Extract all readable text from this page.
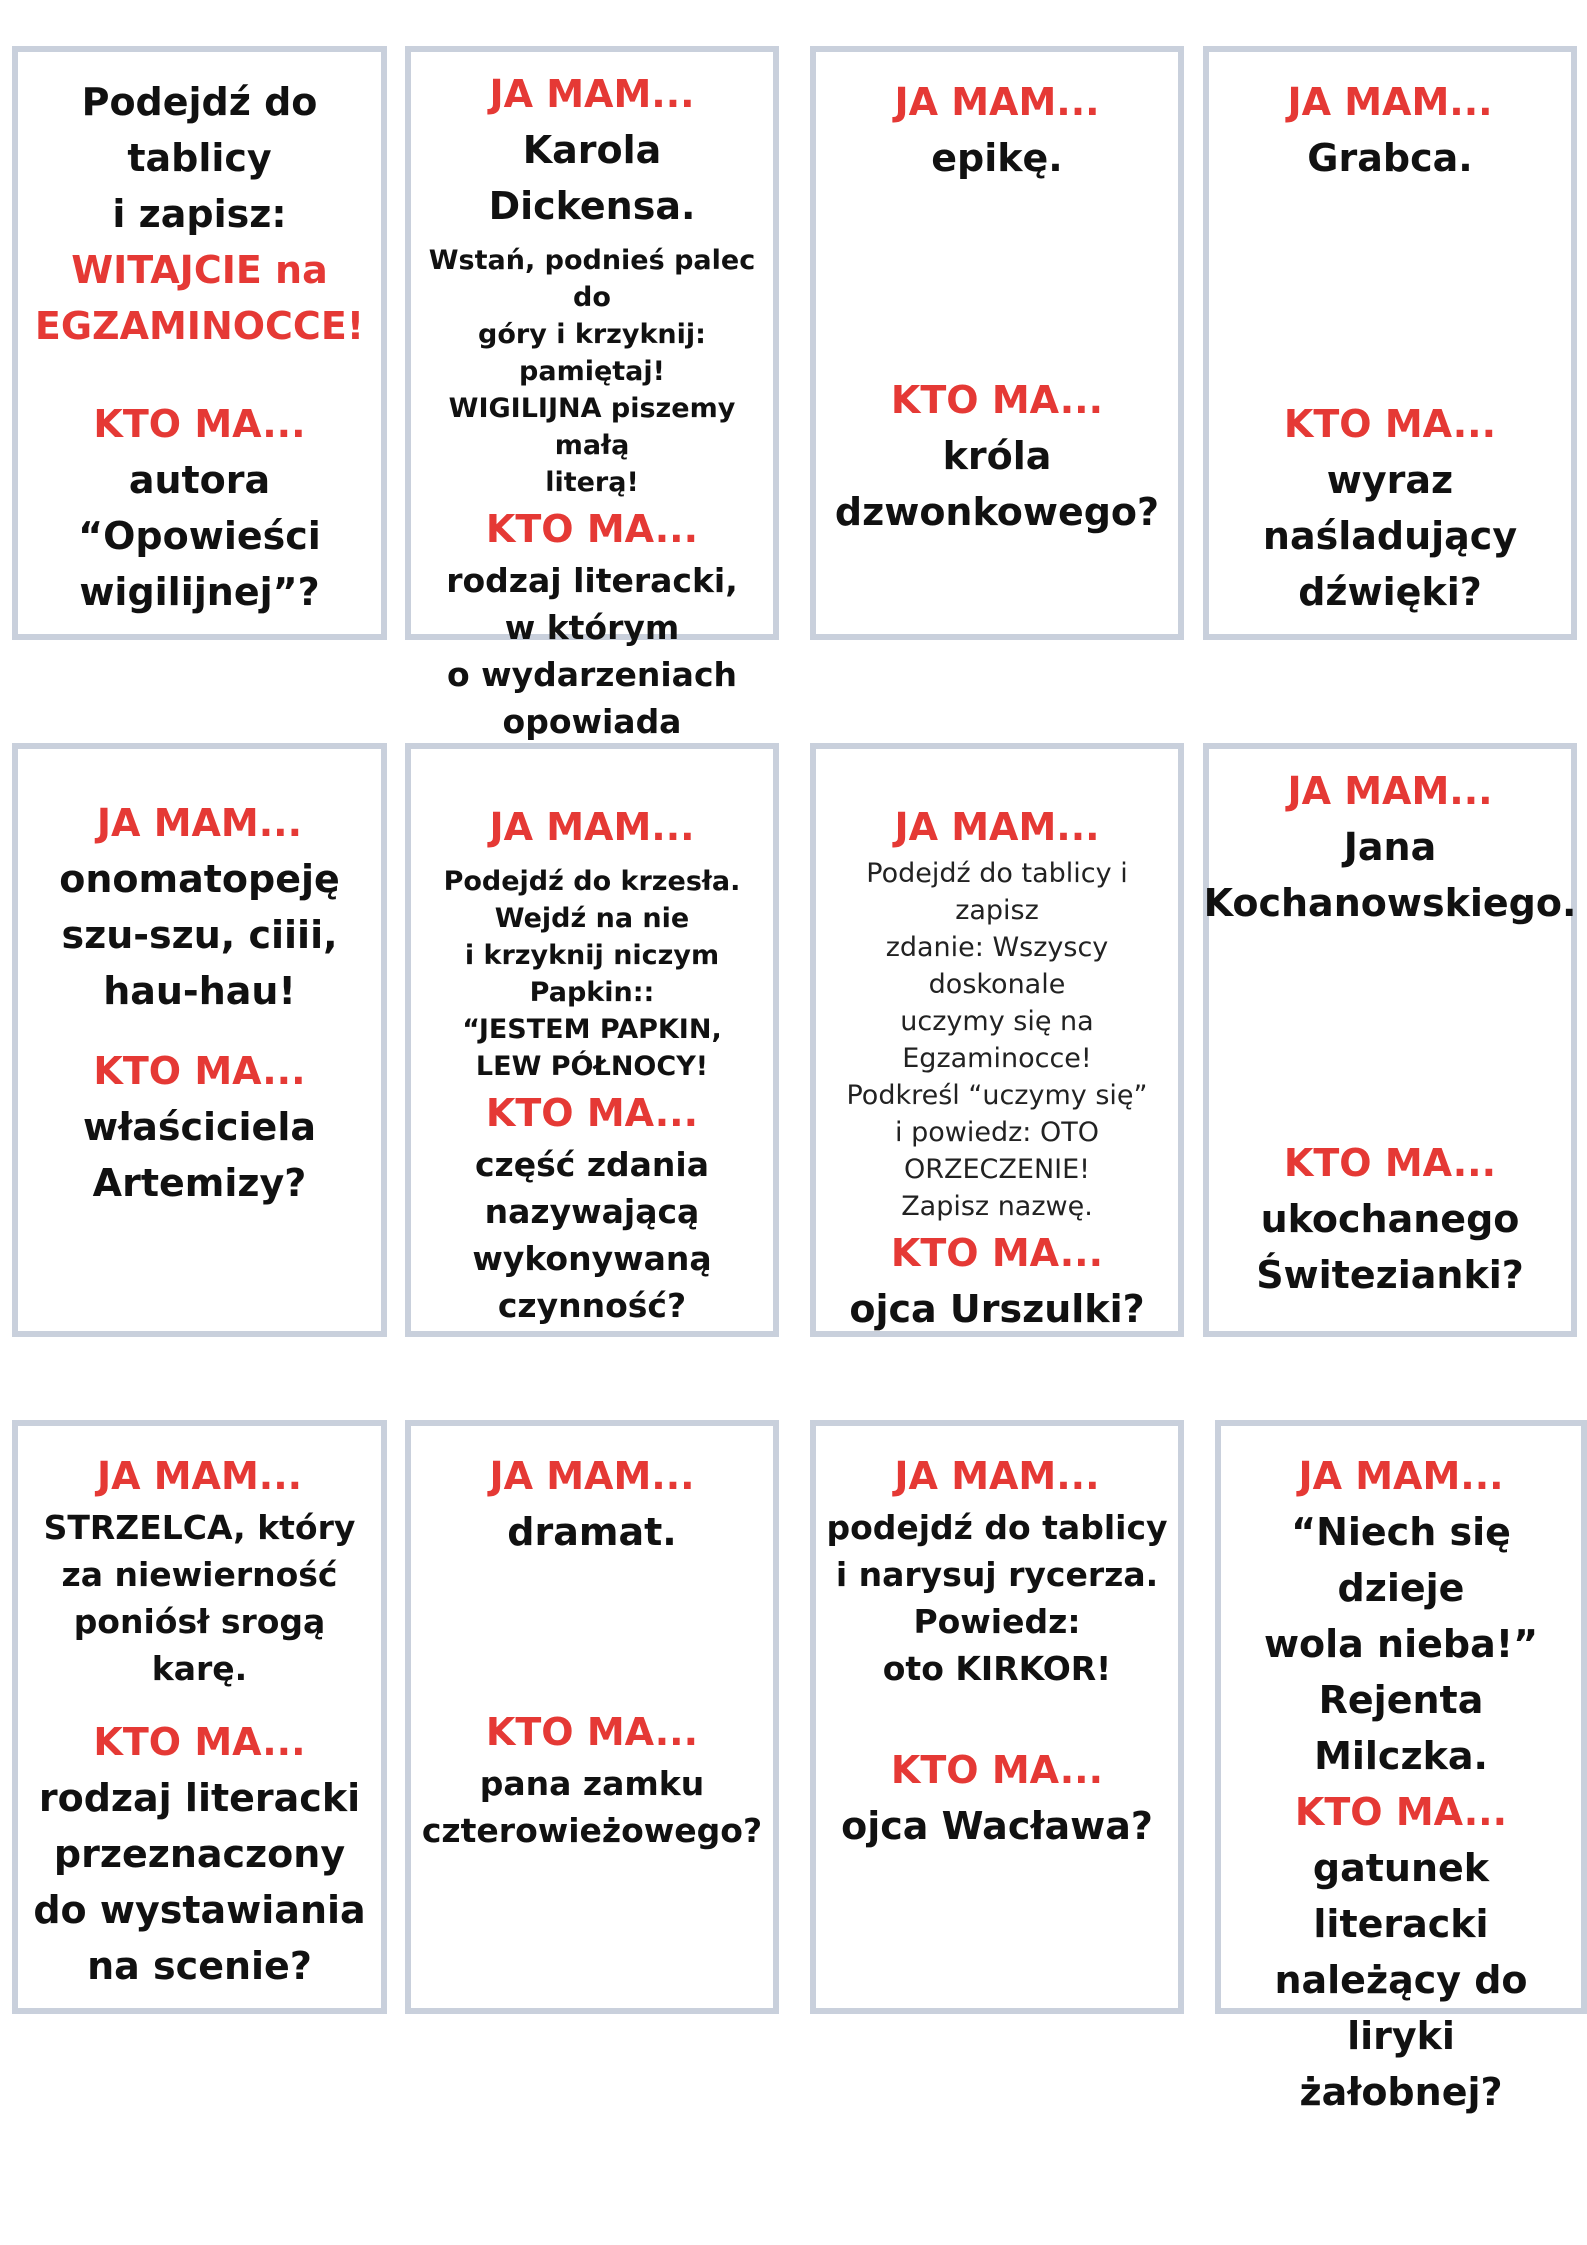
Podejdź do tablicy
i zapisz:
WITAJCIE na
EGZAMINOCCE!
KTO MA...
autora
“Opowieści
wigilijnej”?
JA MAM...
Karola Dickensa.
Wstań, podnieś palec do
góry i krzyknij: pamiętaj!
WIGILIJNA piszemy małą
literą!
KTO MA...
rodzaj literacki,
w którym
o wydarzeniach
opowiada
JA MAM...
epikę.
KTO MA...
króla
dzwonkowego?
JA MAM...
Grabca.
KTO MA...
wyraz
naśladujący
dźwięki?
JA MAM...
onomatopeję
szu-szu, ciiii,
hau-hau!
KTO MA...
właściciela
Artemizy?
JA MAM...
Podejdź do krzesła.
Wejdź na nie
i krzyknij niczym Papkin::
“JESTEM PAPKIN,
LEW PÓŁNOCY!
KTO MA...
część zdania
nazywającą
wykonywaną
czynność?
JA MAM...
Podejdź do tablicy i zapisz
zdanie: Wszyscy doskonale
uczymy się na
Egzaminocce!
Podkreśl “uczymy się”
i powiedz: OTO
ORZECZENIE!
Zapisz nazwę.
KTO MA...
ojca Urszulki?
JA MAM...
Jana
Kochanowskiego.
KTO MA...
ukochanego
Świtezianki?
JA MAM...
STRZELCA, który
za niewierność
poniósł srogą karę.
KTO MA...
rodzaj literacki
przeznaczony
do wystawiania
na scenie?
JA MAM...
dramat.
KTO MA...
pana zamku
czterowieżowego?
JA MAM...
podejdź do tablicy
i narysuj rycerza.
Powiedz:
oto KIRKOR!
KTO MA...
ojca Wacława?
JA MAM...
“Niech się dzieje
wola nieba!”
Rejenta Milczka.
KTO MA...
gatunek literacki
należący do liryki
żałobnej?
